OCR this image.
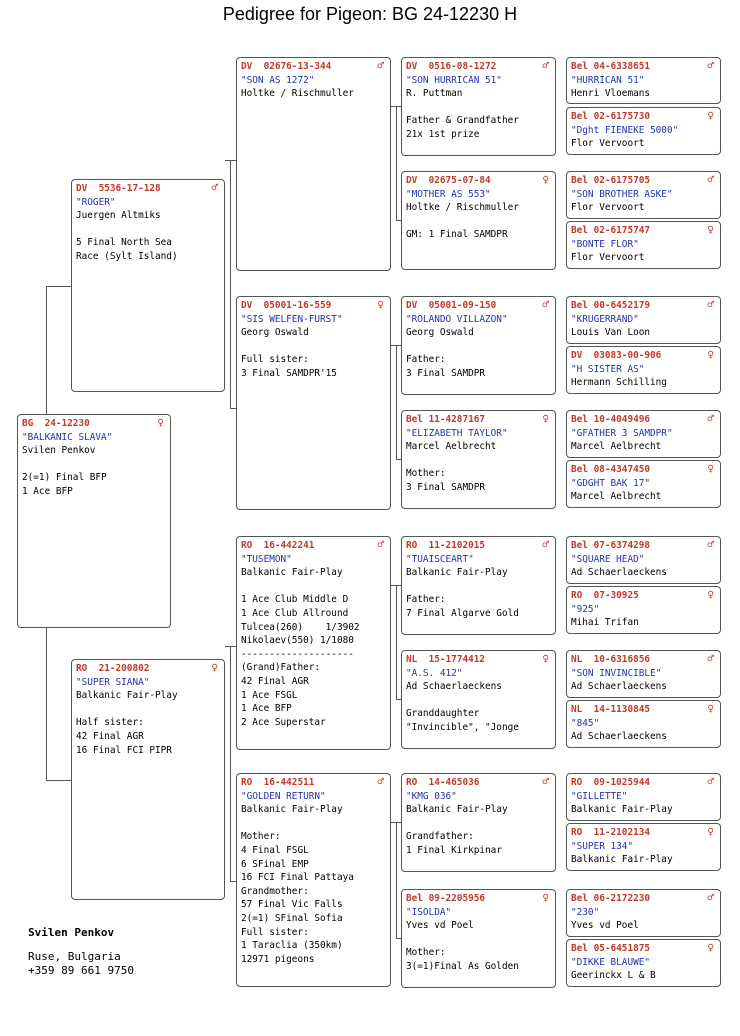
Pedigree for Pigeon: BG 24-12230 H
BG  24-12230	♀
"BALKANIC SLAVA"
Svilen Penkov
2(=1) Final BFP
1 Ace BFP
DV  5536-17-128	♂
"ROGER"
Juergen Altmiks
5 Final North Sea
Race (Sylt Island)
RO  21-200802	♀
"SUPER SIANA"
Balkanic Fair-Play
Half sister:
42 Final AGR
16 Final FCI PIPR
DV  02676-13-344	♂
"SON AS 1272"
Holtke / Rischmuller
DV  05001-16-559	♀
"SIS WELFEN-FURST"
Georg Oswald
Full sister:
3 Final SAMDPR'15
RO  16-442241	♂
"TUSEMON"
Balkanic Fair-Play
1 Ace Club Middle D
1 Ace Club Allround
Tulcea(260)    1/3902
Nikolaev(550) 1/1080
--------------------
(Grand)Father:
42 Final AGR
1 Ace FSGL
1 Ace BFP
2 Ace Superstar
RO  16-442511	♂
"GOLDEN RETURN"
Balkanic Fair-Play
Mother:
4 Final FSGL
6 SFinal EMP
16 FCI Final Pattaya
Grandmother:
57 Final Vic Falls
2(=1) SFinal Sofia
Full sister:
1 Taraclia (350km)
12971 pigeons
DV  0516-08-1272	♂
"SON HURRICAN 51"
R. Puttman
Father & Grandfather
21x 1st prize
DV  02675-07-84	♀
"MOTHER AS 553"
Holtke / Rischmuller
GM: 1 Final SAMDPR
DV  05001-09-150	♂
"ROLANDO VILLAZON"
Georg Oswald
Father:
3 Final SAMDPR
Bel 11-4287167	♀
"ELIZABETH TAYLOR"
Marcel Aelbrecht
Mother:
3 Final SAMDPR
RO  11-2102015	♂
"TUAISCEART"
Balkanic Fair-Play
Father:
7 Final Algarve Gold
NL  15-1774412	♀
"A.S. 412"
Ad Schaerlaeckens
Granddaughter
"Invincible", "Jonge
RO  14-465036	♂
"KMG 036"
Balkanic Fair-Play
Grandfather:
1 Final Kirkpinar
Bel 09-2205956	♀
"ISOLDA"
Yves vd Poel
Mother:
3(=1)Final As Golden
Bel 04-6338651	♂
"HURRICAN 51"
Henri Vloemans
Bel 02-6175730	♀
"Dght FIENEKE 5000"
Flor Vervoort
Bel 02-6175705	♂
"SON BROTHER ASKE"
Flor Vervoort
Bel 02-6175747	♀
"BONTE FLOR"
Flor Vervoort
Bel 00-6452179	♂
"KRUGERRAND"
Louis Van Loon
DV  03083-00-906	♀
"H SISTER AS"
Hermann Schilling
Bel 10-4049496	♂
"GFATHER 3 SAMDPR"
Marcel Aelbrecht
Bel 08-4347450	♀
"GDGHT BAK 17"
Marcel Aelbrecht
Bel 07-6374298	♂
"SQUARE HEAD"
Ad Schaerlaeckens
RO  07-30925	♀
"925"
Mihai Trifan
NL  10-6316856	♂
"SON INVINCIBLE"
Ad Schaerlaeckens
NL  14-1130845	♀
"845"
Ad Schaerlaeckens
RO  09-1025944	♂
"GILLETTE"
Balkanic Fair-Play
RO  11-2102134	♀
"SUPER 134"
Balkanic Fair-Play
Bel 06-2172230	♂
"230"
Yves vd Poel
Bel 05-6451875	♀
"DIKKE BLAUWE"
Geerinckx L & B
Svilen Penkov
Ruse, Bulgaria
+359 89 661 9750
